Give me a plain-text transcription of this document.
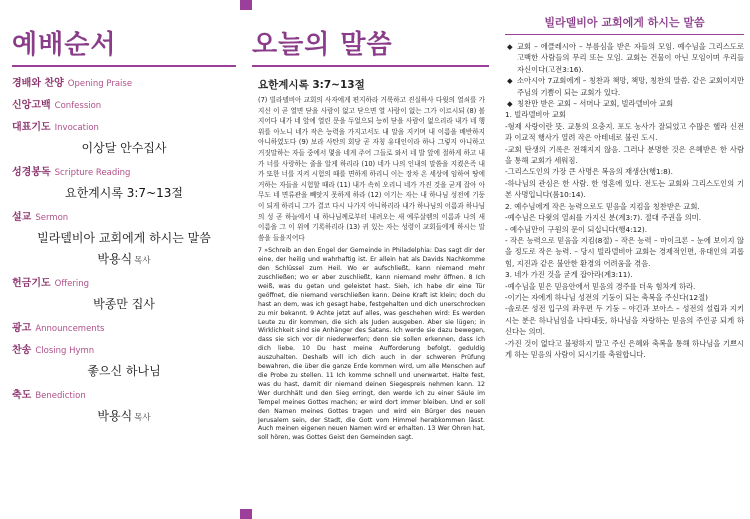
예배순서
경배와 찬양 Opening Praise
신앙고백 Confession
대표기도 Invocation
이상달 안수집사
성경봉독 Scripture Reading
요한계시록 3:7~13절
설교 Sermon
빌라델비아 교회에게 하시는 말씀
박용식 목사
헌금기도 Offering
박종만 집사
광고 Announcements
찬송 Closing Hymn
좋으신 하나님
축도 Benediction
박용식 목사
오늘의 말씀
요한계시록 3:7~13절
(7) 빌라델비아 교회의 사자에게 편지하라 거룩하고 진실하사 다윗의 열쇠를 가지신 이 곧 열면 닫을 사람이 없고 닫으면 열 사람이 없는 그가 이르시되 (8) 볼지어다 내가 네 앞에 열린 문을 두었으되 능히 닫을 사람이 없으리라 내가 네 행위를 아노니 네가 작은 능력을 가지고서도 내 말을 지키며 내 이름을 배반하지 아니하였도다 (9) 보라 사탄의 회당 곧 자칭 유대인이라 하나 그렇지 아니하고 거짓말하는 자들 중에서 몇을 네게 주어 그들로 와서 네 발 앞에 절하게 하고 내가 너를 사랑하는 줄을 알게 하리라 (10) 네가 나의 인내의 말씀을 지켰은즉 내가 또한 너를 지켜 시험의 때를 면하게 하리니 이는 장차 온 세상에 임하여 땅에 거하는 자들을 시험할 때라 (11) 내가 속히 오리니 네가 가진 것을 굳게 잡아 아무도 네 면류관을 빼앗지 못하게 하라 (12) 이기는 자는 내 하나님 성전에 기둥이 되게 하리니 그가 결코 다시 나가지 아니하리라 내가 하나님의 이름과 하나님의 성 곧 하늘에서 내 하나님께로부터 내려오는 새 예루살렘의 이름과 나의 새 이름을 그 이 위에 기록하리라 (13) 귀 있는 자는 성령이 교회들에게 하시는 말씀을 들을지어다
7 »Schreib an den Engel der Gemeinde in Philadelphia: Das sagt dir der eine, der heilig und wahrhaftig ist. Er allein hat als Davids Nachkomme den Schlüssel zum Heil. Wo er aufschließt, kann niemand mehr zuschließen; wo er aber zuschließt, kann niemand mehr öffnen. 8 Ich weiß, was du getan und geleistet hast. Sieh, ich habe dir eine Tür geöffnet, die niemand verschließen kann. Deine Kraft ist klein; doch du hast an dem, was ich gesagt habe, festgehalten und dich unerschrocken zu mir bekannt. 9 Achte jetzt auf alles, was geschehen wird: Es werden Leute zu dir kommen, die sich als Juden ausgeben. Aber sie lügen; in Wirklichkeit sind sie Anhänger des Satans. Ich werde sie dazu bewegen, dass sie sich vor dir niederwerfen; denn sie sollen erkennen, dass ich dich liebe. 10 Du hast meine Aufforderung befolgt, geduldig auszuhalten. Deshalb will ich dich auch in der schweren Prüfung bewahren, die über die ganze Erde kommen wird, um alle Menschen auf die Probe zu stellen. 11 Ich komme schnell und unerwartet. Halte fest, was du hast, damit dir niemand deinen Siegespreis nehmen kann. 12 Wer durchhält und den Sieg erringt, den werde ich zu einer Säule im Tempel meines Gottes machen; er wird dort immer bleiben. Und er soll den Namen meines Gottes tragen und wird ein Bürger des neuen Jerusalem sein, der Stadt, die Gott vom Himmel herabkommen lässt. Auch meinen eigenen neuen Namen wird er erhalten. 13 Wer Ohren hat, soll hören, was Gottes Geist den Gemeinden sagt.
빌라델비아 교회에게 하시는 말씀

◆ 교회 – 에클레시아 – 부름심을 받은 자들의 모임. 예수님을 그리스도로 고백한 사람들의 무리 또는 모임. 교회는 건물이 아닌 모임이며 우리들 자신이다(고전3:16).

◆ 소아시아 7교회에게 – 칭찬과 책망, 책망, 칭찬의 말씀. 같은 교회이지만 주님의 기쁨이 되는 교회가 있다.

◆ 칭찬만 받은 교회 – 서머나 교회, 빌라델비아 교회

1. 빌라델비아 교회

-형제 사랑이란 뜻. 교통의 요충지. 포도 농사가 잘되었고 수많은 헬라 신전과 이교적 행사가 열려 작은 아테네로 불린 도시.

-교회 탄생의 기록은 전해지지 않음. 그러나 분명한 것은 은혜받은 한 사람을 통해 교회가 세워짐.

-그리스도인의 가장 큰 사명은 복음의 재생산(행1:8).

-하나님의 관심은 한 사람. 한 영혼에 있다. 전도는 교회와 그리스도인의 기본 사명입니다(롬10:14).

2. 예수님에게 작은 능력으로도 믿음을 지킴을 칭찬받은 교회.

-예수님은 다윗의 열쇠를 가지신 분(계3:7). 절대 주권을 의미.

- 예수님만이 구원의 문이 되십니다(행4:12).

- 작은 능력으로 믿음을 지킴(8절) – 작은 능력 – 마이크론 – 눈에 보이지 않을 정도로 작은 능력. – 당시 빌라델비아 교회는 경제적인면, 유대인의 괴롭힘, 지진과 같은 불안한 환경의 어려움을 겪음.

3. 네가 가진 것을 굳게 잡아라(계3:11).

-예수님을 믿은 믿음안에서 믿음의 경주를 더욱 힘차게 하라.

-이기는 자에게 하나님 성전의 기둥이 되는 축복을 주신다(12절)

-솔로몬 성전 입구의 좌우편 두 기둥 – 야긴과 보아스 – 성전의 설립과 지키시는 분은 하나님임을 나타내듯, 하나님을 자랑하는 믿음의 주인공 되게 하신다는 의미.

-가진 것이 없다고 불평하지 말고 주신 은혜와 축복을 통해 하나님을 기쁘시게 하는 믿음의 사람이 되시기를 축원합니다.
